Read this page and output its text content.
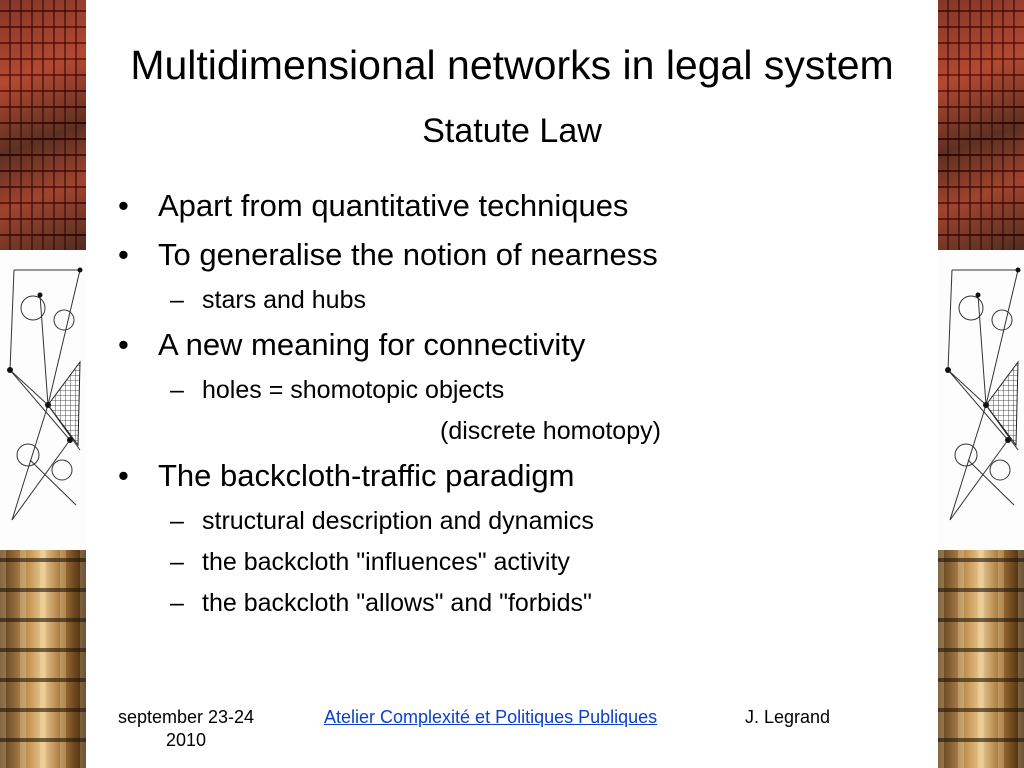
Multidimensional networks in legal system
Statute Law
• Apart from quantitative techniques
• To generalise the notion of nearness
– stars and hubs
• A new meaning for connectivity
– holes = shomotopic objects
(discrete homotopy)
• The backcloth-traffic paradigm
– structural description and dynamics
– the backcloth "influences" activity
– the backcloth "allows" and "forbids"
september 23-24 2010
Atelier Complexité et Politiques Publiques	J. Legrand
